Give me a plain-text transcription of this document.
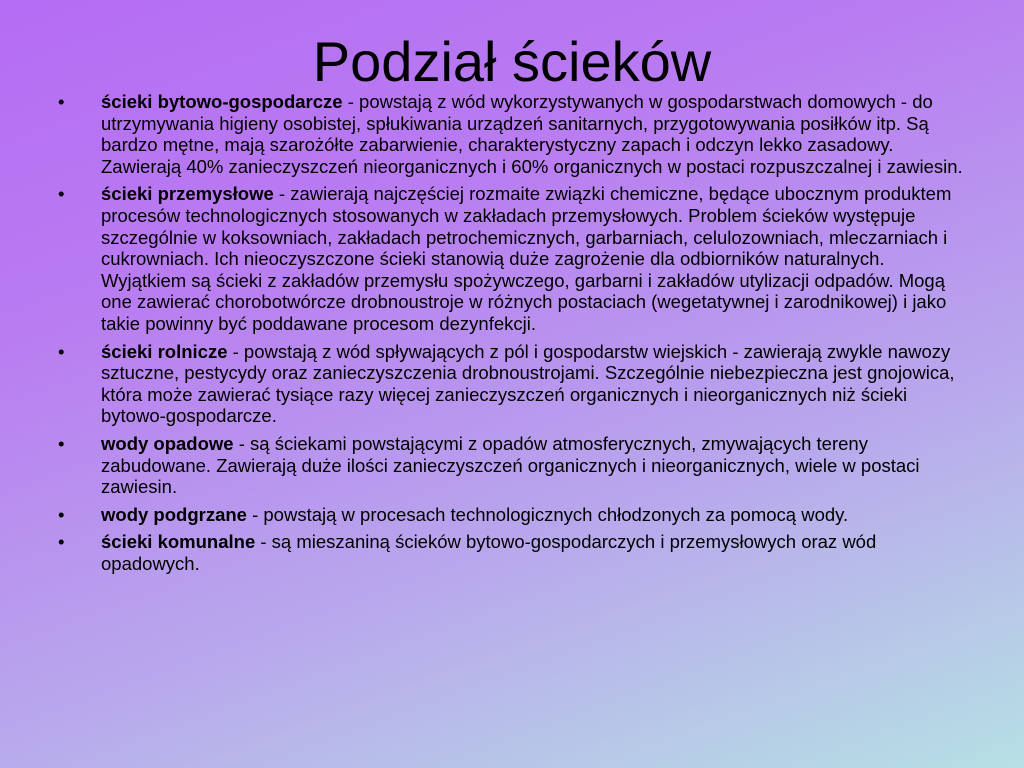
Podział ścieków
• ścieki bytowo-gospodarcze - powstają z wód wykorzystywanych w gospodarstwach domowych - do utrzymywania higieny osobistej, spłukiwania urządzeń sanitarnych, przygotowywania posiłków itp. Są bardzo mętne, mają szarożółte zabarwienie, charakterystyczny zapach i odczyn lekko zasadowy. Zawierają 40% zanieczyszczeń nieorganicznych i 60% organicznych w postaci rozpuszczalnej i zawiesin.
• ścieki przemysłowe - zawierają najczęściej rozmaite związki chemiczne, będące ubocznym produktem procesów technologicznych stosowanych w zakładach przemysłowych. Problem ścieków występuje szczególnie w koksowniach, zakładach petrochemicznych, garbarniach, celulozowniach, mleczarniach i cukrowniach. Ich nieoczyszczone ścieki stanowią duże zagrożenie dla odbiorników naturalnych. Wyjątkiem są ścieki z zakładów przemysłu spożywczego, garbarni i zakładów utylizacji odpadów. Mogą one zawierać chorobotwórcze drobnoustroje w różnych postaciach (wegetatywnej i zarodnikowej) i jako takie powinny być poddawane procesom dezynfekcji.
• ścieki rolnicze - powstają z wód spływających z pól i gospodarstw wiejskich - zawierają zwykle nawozy sztuczne, pestycydy oraz zanieczyszczenia drobnoustrojami. Szczególnie niebezpieczna jest gnojowica, która może zawierać tysiące razy więcej zanieczyszczeń organicznych i nieorganicznych niż ścieki bytowo-gospodarcze.
• wody opadowe - są ściekami powstającymi z opadów atmosferycznych, zmywających tereny zabudowane. Zawierają duże ilości zanieczyszczeń organicznych i nieorganicznych, wiele w postaci zawiesin.
• wody podgrzane - powstają w procesach technologicznych chłodzonych za pomocą wody.
• ścieki komunalne - są mieszaniną ścieków bytowo-gospodarczych i przemysłowych oraz wód opadowych.
